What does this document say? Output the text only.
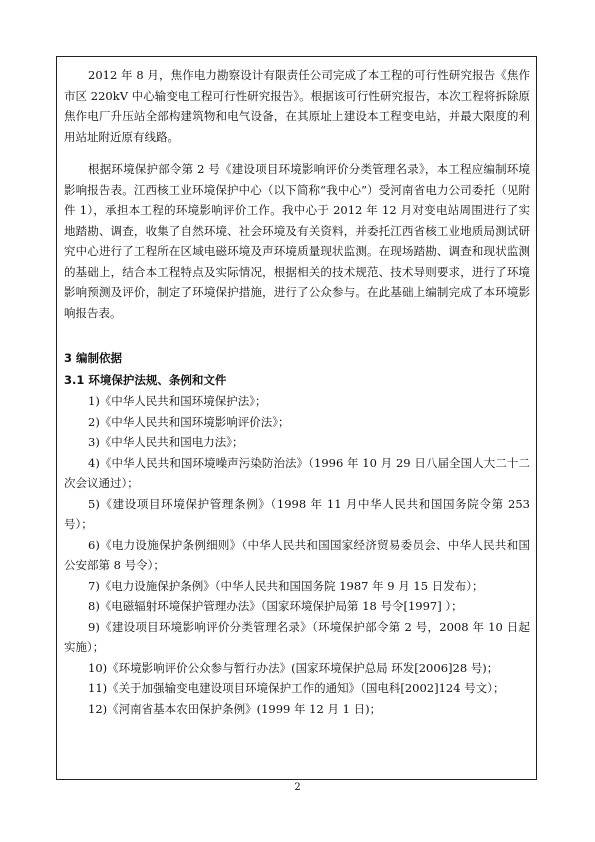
2012 年 8 月，焦作电力勘察设计有限责任公司完成了本工程的可行性研究报告《焦作市区 220kV 中心输变电工程可行性研究报告》。根据该可行性研究报告，本次工程将拆除原焦作电厂升压站全部构建筑物和电气设备，在其原址上建设本工程变电站，并最大限度的利用站址附近原有线路。

根据环境保护部令第 2 号《建设项目环境影响评价分类管理名录》，本工程应编制环境影响报告表。江西核工业环境保护中心（以下简称“我中心”）受河南省电力公司委托（见附件 1），承担本工程的环境影响评价工作。我中心于 2012 年 12 月对变电站周围进行了实地踏勘、调查，收集了自然环境、社会环境及有关资料，并委托江西省核工业地质局测试研究中心进行了工程所在区域电磁环境及声环境质量现状监测。在现场踏勘、调查和现状监测的基础上，结合本工程特点及实际情况，根据相关的技术规范、技术导则要求，进行了环境影响预测及评价，制定了环境保护措施，进行了公众参与。在此基础上编制完成了本环境影响报告表。

3 编制依据

3.1 环境保护法规、条例和文件

1)《中华人民共和国环境保护法》；
2)《中华人民共和国环境影响评价法》；
3)《中华人民共和国电力法》；
4)《中华人民共和国环境噪声污染防治法》（1996 年 10 月 29 日八届全国人大二十二次会议通过）；
5)《建设项目环境保护管理条例》（1998 年 11 月中华人民共和国国务院令第 253 号）；
6)《电力设施保护条例细则》（中华人民共和国国家经济贸易委员会、中华人民共和国公安部第 8 号令）；
7)《电力设施保护条例》（中华人民共和国国务院 1987 年 9 月 15 日发布）；
8)《电磁辐射环境保护管理办法》（国家环境保护局第 18 号令[1997] ）；
9)《建设项目环境影响评价分类管理名录》（环境保护部令第 2 号，2008 年 10 日起实施）；
10)《环境影响评价公众参与暂行办法》(国家环境保护总局 环发[2006]28 号)；
11)《关于加强输变电建设项目环境保护工作的通知》（国电科[2002]124 号文）；
12)《河南省基本农田保护条例》(1999 年 12 月 1 日)；
2
